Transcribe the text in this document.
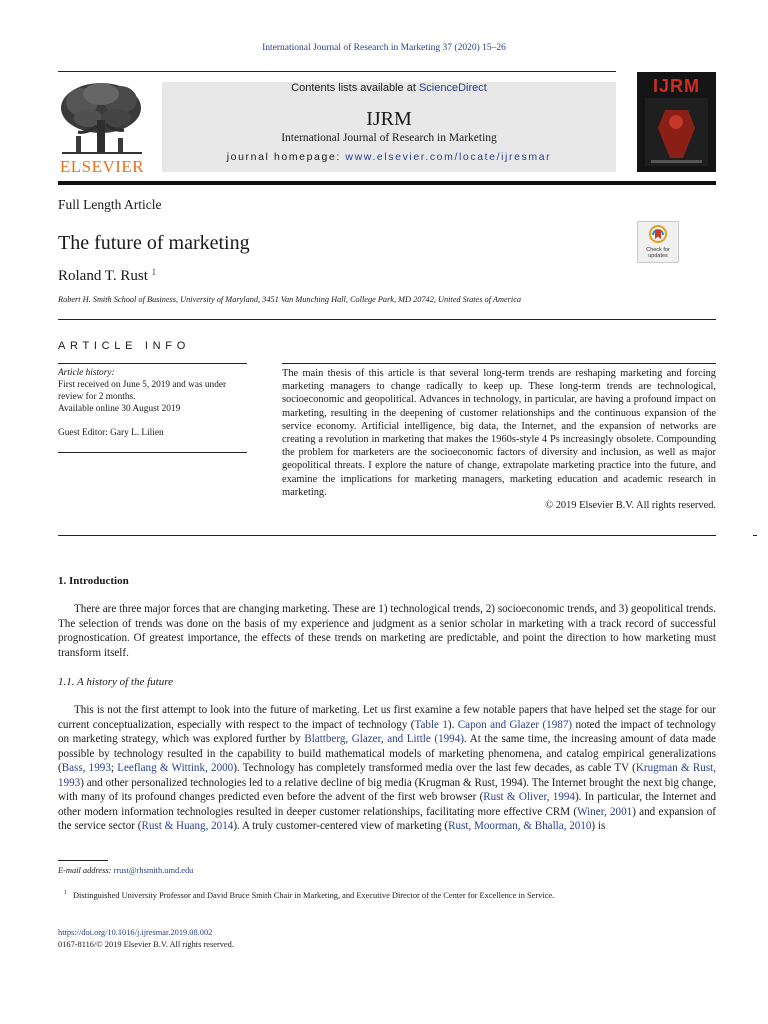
International Journal of Research in Marketing 37 (2020) 15–26
ELSEVIER
Contents lists available at ScienceDirect
IJRM
International Journal of Research in Marketing
journal homepage: www.elsevier.com/locate/ijresmar
IJRM
Full Length Article
The future of marketing
Roland T. Rust $^1$
Robert H. Smith School of Business, University of Maryland, 3451 Van Munching Hall, College Park, MD 20742, United States of America
Check for updates
ARTICLE INFO
Article history:
First received on June 5, 2019 and was under review for 2 months.
Available online 30 August 2019
Guest Editor: Gary L. Lilien
The main thesis of this article is that several long-term trends are reshaping marketing and forcing marketing managers to change radically to keep up. These long-term trends are technological, socioeconomic and geopolitical. Advances in technology, in particular, are having a profound impact on marketing, resulting in the deepening of customer relationships and the continuous expansion of the service economy. Artificial intelligence, big data, the Internet, and the expansion of networks are creating a revolution in marketing that makes the 1960s-style 4 Ps increasingly obsolete. Compounding the problem for marketers are the socioeconomic factors of diversity and inclusion, as well as major geopolitical threats. I explore the nature of change, extrapolate marketing practice into the future, and examine the implications for marketing managers, marketing education and academic research in marketing.
© 2019 Elsevier B.V. All rights reserved.
1. Introduction

There are three major forces that are changing marketing. These are 1) technological trends, 2) socioeconomic trends, and 3) geopolitical trends. The selection of trends was done on the basis of my experience and judgment as a senior scholar in marketing with a track record of successful prognostication. Of greatest importance, the effects of these trends on marketing are predictable, and point the direction to how marketing must transform itself.

1.1. A history of the future

This is not the first attempt to look into the future of marketing. Let us first examine a few notable papers that have helped set the stage for our current conceptualization, especially with respect to the impact of technology (Table 1). Capon and Glazer (1987) noted the impact of technology on marketing strategy, which was explored further by Blattberg, Glazer, and Little (1994). At the same time, the increasing amount of data made possible by technology resulted in the capability to build mathematical models of marketing phenomena, and catalog empirical generalizations (Bass, 1993; Leeflang & Wittink, 2000). Technology has completely transformed media over the last few decades, as cable TV (Krugman & Rust, 1993) and other personalized technologies led to a relative decline of big media (Krugman & Rust, 1994). The Internet brought the next big change, with many of its profound changes predicted even before the advent of the first web browser (Rust & Oliver, 1994). In particular, the Internet and other modern information technologies resulted in deeper customer relationships, facilitating more effective CRM (Winer, 2001) and expansion of the service sector (Rust & Huang, 2014). A truly customer-centered view of marketing (Rust, Moorman, & Bhalla, 2010) is

E-mail address: rrust@rhsmith.umd.edu
$^1$ Distinguished University Professor and David Bruce Smith Chair in Marketing, and Executive Director of the Center for Excellence in Service.
https://doi.org/10.1016/j.ijresmar.2019.08.002
0167-8116/© 2019 Elsevier B.V. All rights reserved.
